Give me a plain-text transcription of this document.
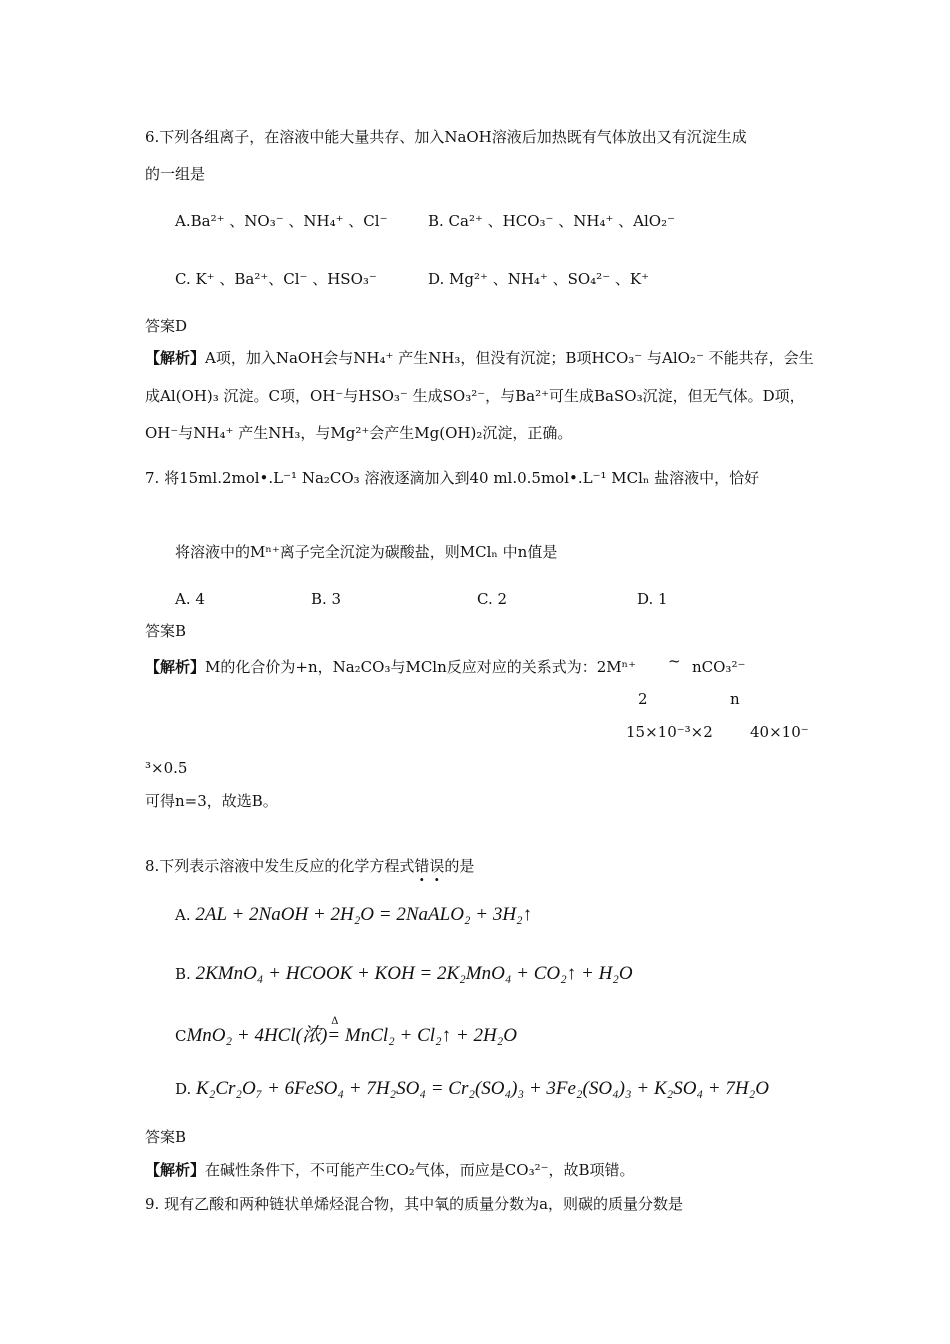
6.下列各组离子，在溶液中能大量共存、加入NaOH溶液后加热既有气体放出又有沉淀生成
的一组是
A.Ba²⁺ 、NO₃⁻ 、NH₄⁺ 、Cl⁻	B. Ca²⁺ 、HCO₃⁻ 、NH₄⁺ 、AlO₂⁻
C. K⁺ 、Ba²⁺、Cl⁻ 、HSO₃⁻	D. Mg²⁺ 、NH₄⁺ 、SO₄²⁻ 、K⁺
答案D
【解析】A项，加入NaOH会与NH₄⁺ 产生NH₃，但没有沉淀；B项HCO₃⁻ 与AlO₂⁻ 不能共存，会生
成Al(OH)₃ 沉淀。C项，OH⁻与HSO₃⁻ 生成SO₃²⁻，与Ba²⁺可生成BaSO₃沉淀，但无气体。D项，
OH⁻与NH₄⁺ 产生NH₃，与Mg²⁺会产生Mg(OH)₂沉淀，正确。
7. 将15ml.2mol•.L⁻¹ Na₂CO₃ 溶液逐滴加入到40 ml.0.5mol•.L⁻¹ MClₙ 盐溶液中，恰好
将溶液中的Mⁿ⁺离子完全沉淀为碳酸盐，则MClₙ 中n值是
A. 4	B. 3	C. 2	D. 1
答案B
【解析】M的化合价为+n，Na₂CO₃与MCln反应对应的关系式为：2Mⁿ⁺ ~ nCO₃²⁻
2	n
15×10⁻³×2 40×10⁻
³×0.5
可得n=3，故选B。
8.下列表示溶液中发生反应的化学方程式错误的是
A. 2AL + 2NaOH + 2H₂O = 2NaALO₂ + 3H₂↑
B. 2KMnO₄ + HCOOK + KOH = 2K₂MnO₄ + CO₂↑ + H₂O
CMnO₂ + 4HCl(浓)
Δ
= MnCl₂ + Cl₂↑ + 2H₂O
D. K₂Cr₂O₇ + 6FeSO₄ + 7H₂SO₄ = Cr₂(SO₄)₃ + 3Fe₂(SO₄)₃ + K₂SO₄ + 7H₂O
答案B
【解析】在碱性条件下，不可能产生CO₂气体，而应是CO₃²⁻，故B项错。
9. 现有乙酸和两种链状单烯烃混合物，其中氧的质量分数为a，则碳的质量分数是
